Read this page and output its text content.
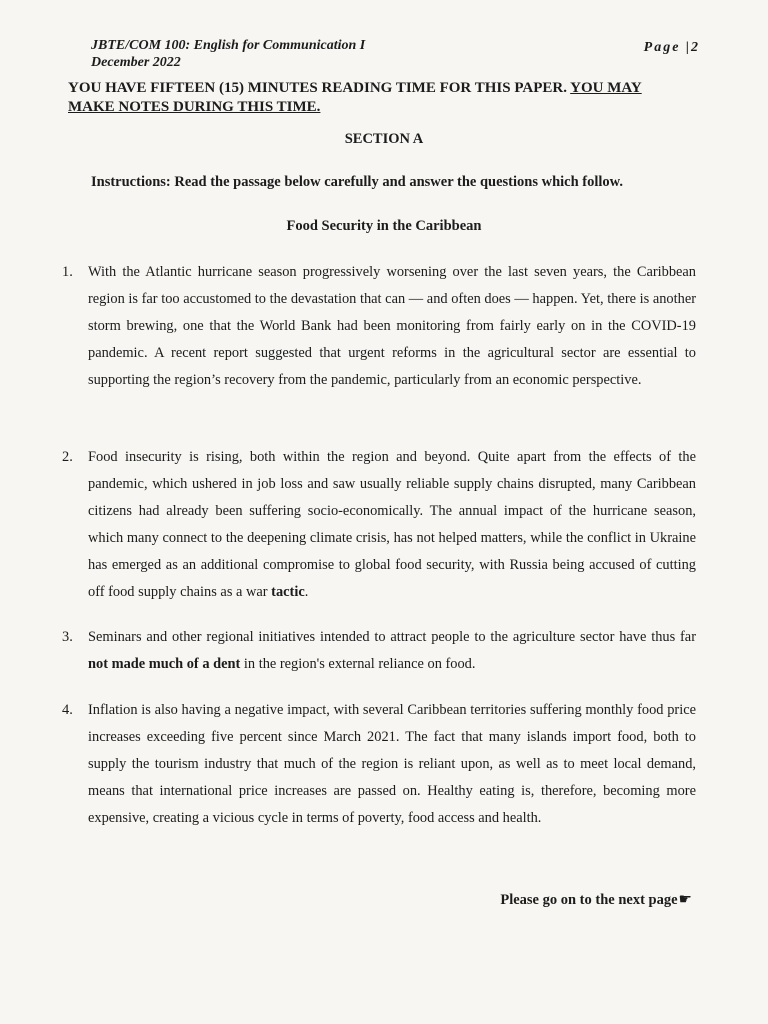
JBTE/COM 100: English for Communication I
December 2022
Page |2
YOU HAVE FIFTEEN (15) MINUTES READING TIME FOR THIS PAPER. YOU MAY MAKE NOTES DURING THIS TIME.
SECTION A
Instructions: Read the passage below carefully and answer the questions which follow.
Food Security in the Caribbean
1.	With the Atlantic hurricane season progressively worsening over the last seven years, the Caribbean region is far too accustomed to the devastation that can — and often does — happen. Yet, there is another storm brewing, one that the World Bank had been monitoring from fairly early on in the COVID-19 pandemic. A recent report suggested that urgent reforms in the agricultural sector are essential to supporting the region’s recovery from the pandemic, particularly from an economic perspective.
2.	Food insecurity is rising, both within the region and beyond. Quite apart from the effects of the pandemic, which ushered in job loss and saw usually reliable supply chains disrupted, many Caribbean citizens had already been suffering socio-economically. The annual impact of the hurricane season, which many connect to the deepening climate crisis, has not helped matters, while the conflict in Ukraine has emerged as an additional compromise to global food security, with Russia being accused of cutting off food supply chains as a war tactic.
3.	Seminars and other regional initiatives intended to attract people to the agriculture sector have thus far not made much of a dent in the region's external reliance on food.
4.	Inflation is also having a negative impact, with several Caribbean territories suffering monthly food price increases exceeding five percent since March 2021. The fact that many islands import food, both to supply the tourism industry that much of the region is reliant upon, as well as to meet local demand, means that international price increases are passed on. Healthy eating is, therefore, becoming more expensive, creating a vicious cycle in terms of poverty, food access and health.
Please go on to the next page☛
